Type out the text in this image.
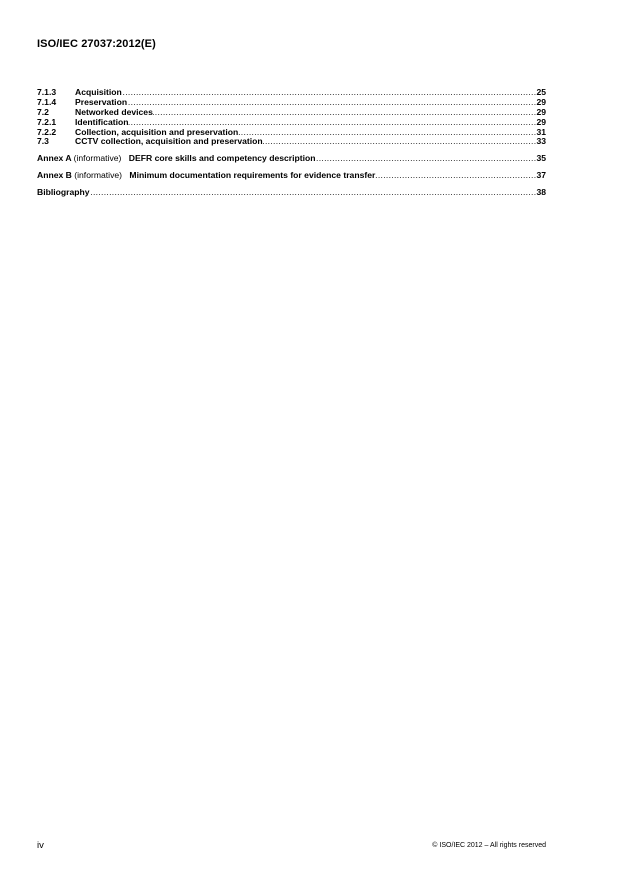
ISO/IEC 27037:2012(E)
7.1.3	Acquisition .....	25
7.1.4	Preservation .....	29
7.2	Networked devices .....	29
7.2.1	Identification .....	29
7.2.2	Collection, acquisition and preservation .....	31
7.3	CCTV collection, acquisition and preservation .....	33
Annex A (informative) DEFR core skills and competency description .....	35
Annex B (informative) Minimum documentation requirements for evidence transfer .....	37
Bibliography .....	38
iv	© ISO/IEC 2012 – All rights reserved
